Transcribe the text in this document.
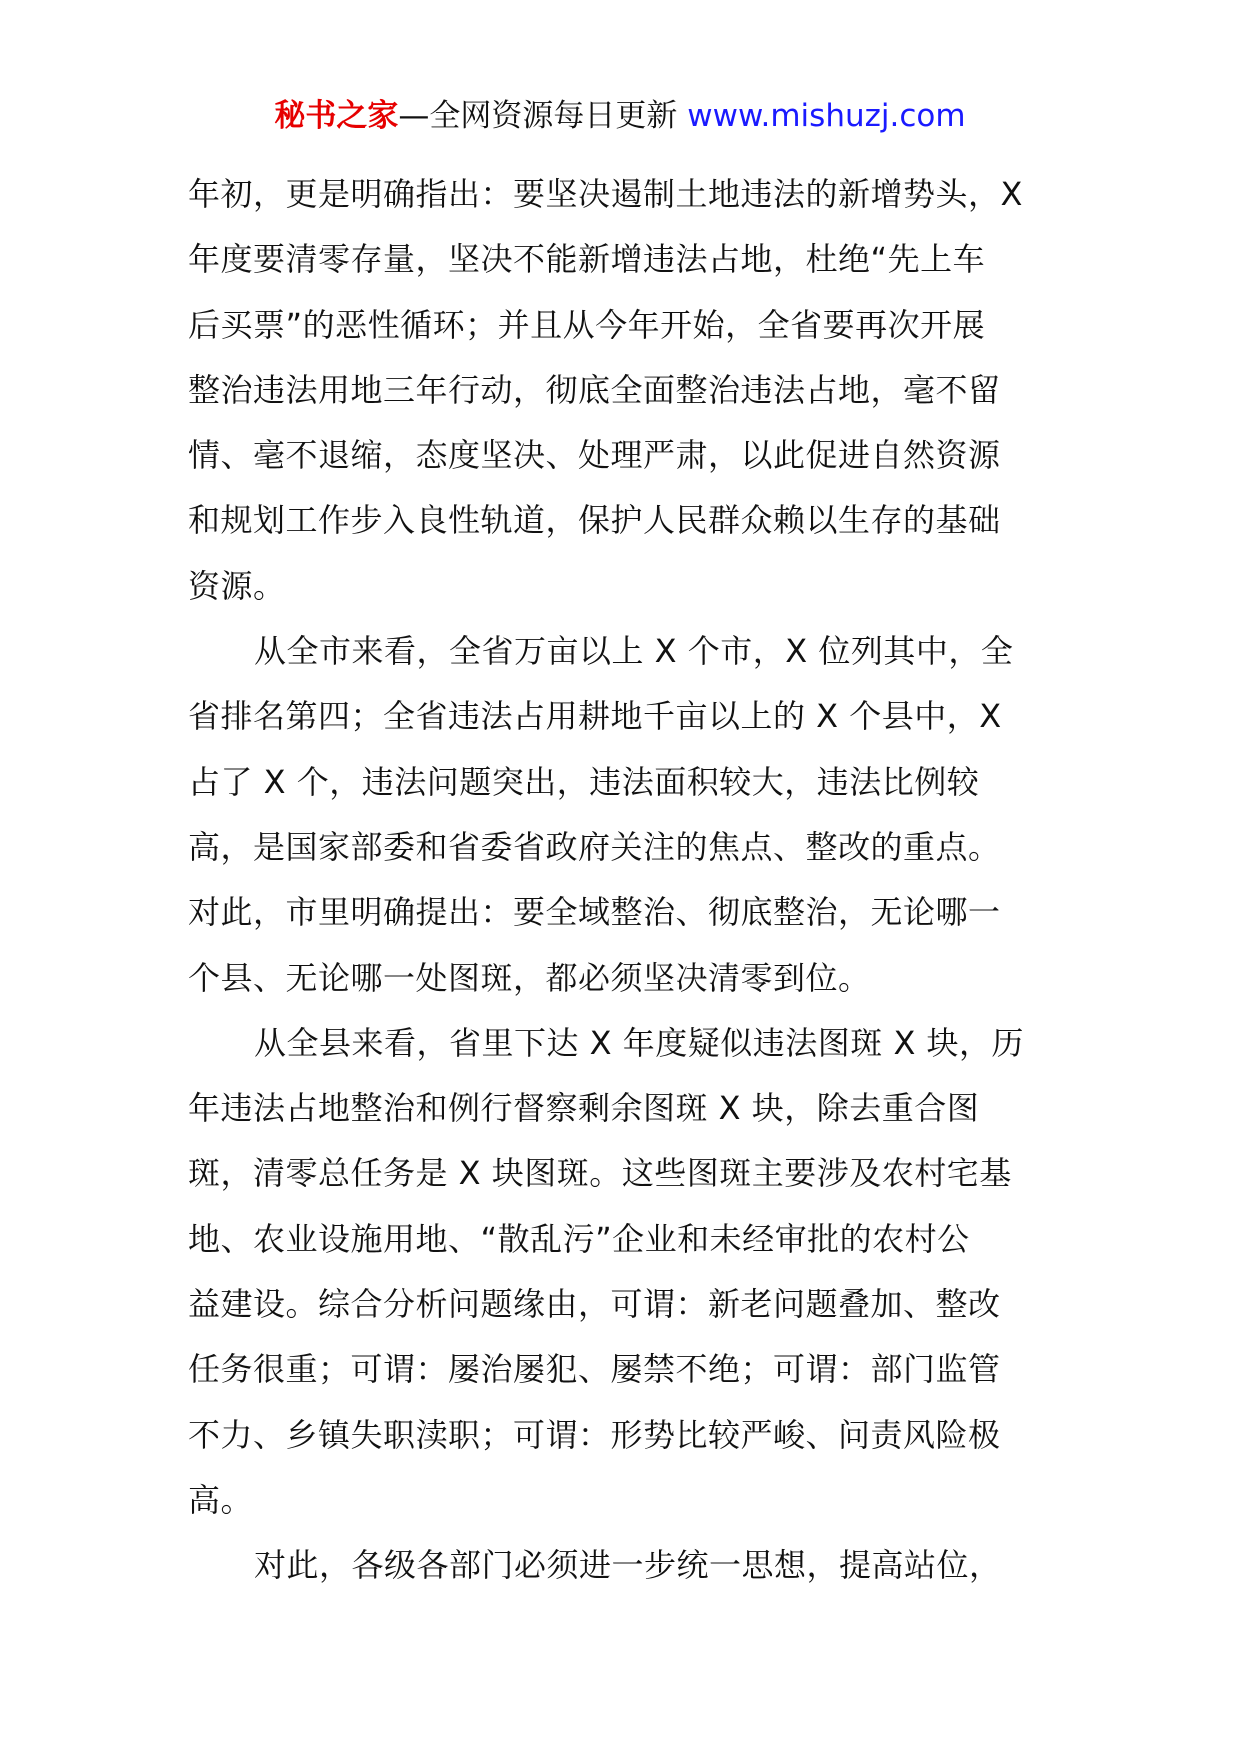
秘书之家—全网资源每日更新 www.mishuzj.com
年初，更是明确指出：要坚决遏制土地违法的新增势头，X
年度要清零存量，坚决不能新增违法占地，杜绝“先上车
后买票”的恶性循环；并且从今年开始，全省要再次开展
整治违法用地三年行动，彻底全面整治违法占地，毫不留
情、毫不退缩，态度坚决、处理严肃，以此促进自然资源
和规划工作步入良性轨道，保护人民群众赖以生存的基础
资源。
从全市来看，全省万亩以上 X 个市，X 位列其中，全
省排名第四；全省违法占用耕地千亩以上的 X 个县中，X
占了 X 个，违法问题突出，违法面积较大，违法比例较
高，是国家部委和省委省政府关注的焦点、整改的重点。
对此，市里明确提出：要全域整治、彻底整治，无论哪一
个县、无论哪一处图斑，都必须坚决清零到位。
从全县来看，省里下达 X 年度疑似违法图斑 X 块，历
年违法占地整治和例行督察剩余图斑 X 块，除去重合图
斑，清零总任务是 X 块图斑。这些图斑主要涉及农村宅基
地、农业设施用地、“散乱污”企业和未经审批的农村公
益建设。综合分析问题缘由，可谓：新老问题叠加、整改
任务很重；可谓：屡治屡犯、屡禁不绝；可谓：部门监管
不力、乡镇失职渎职；可谓：形势比较严峻、问责风险极
高。
对此，各级各部门必须进一步统一思想，提高站位，
